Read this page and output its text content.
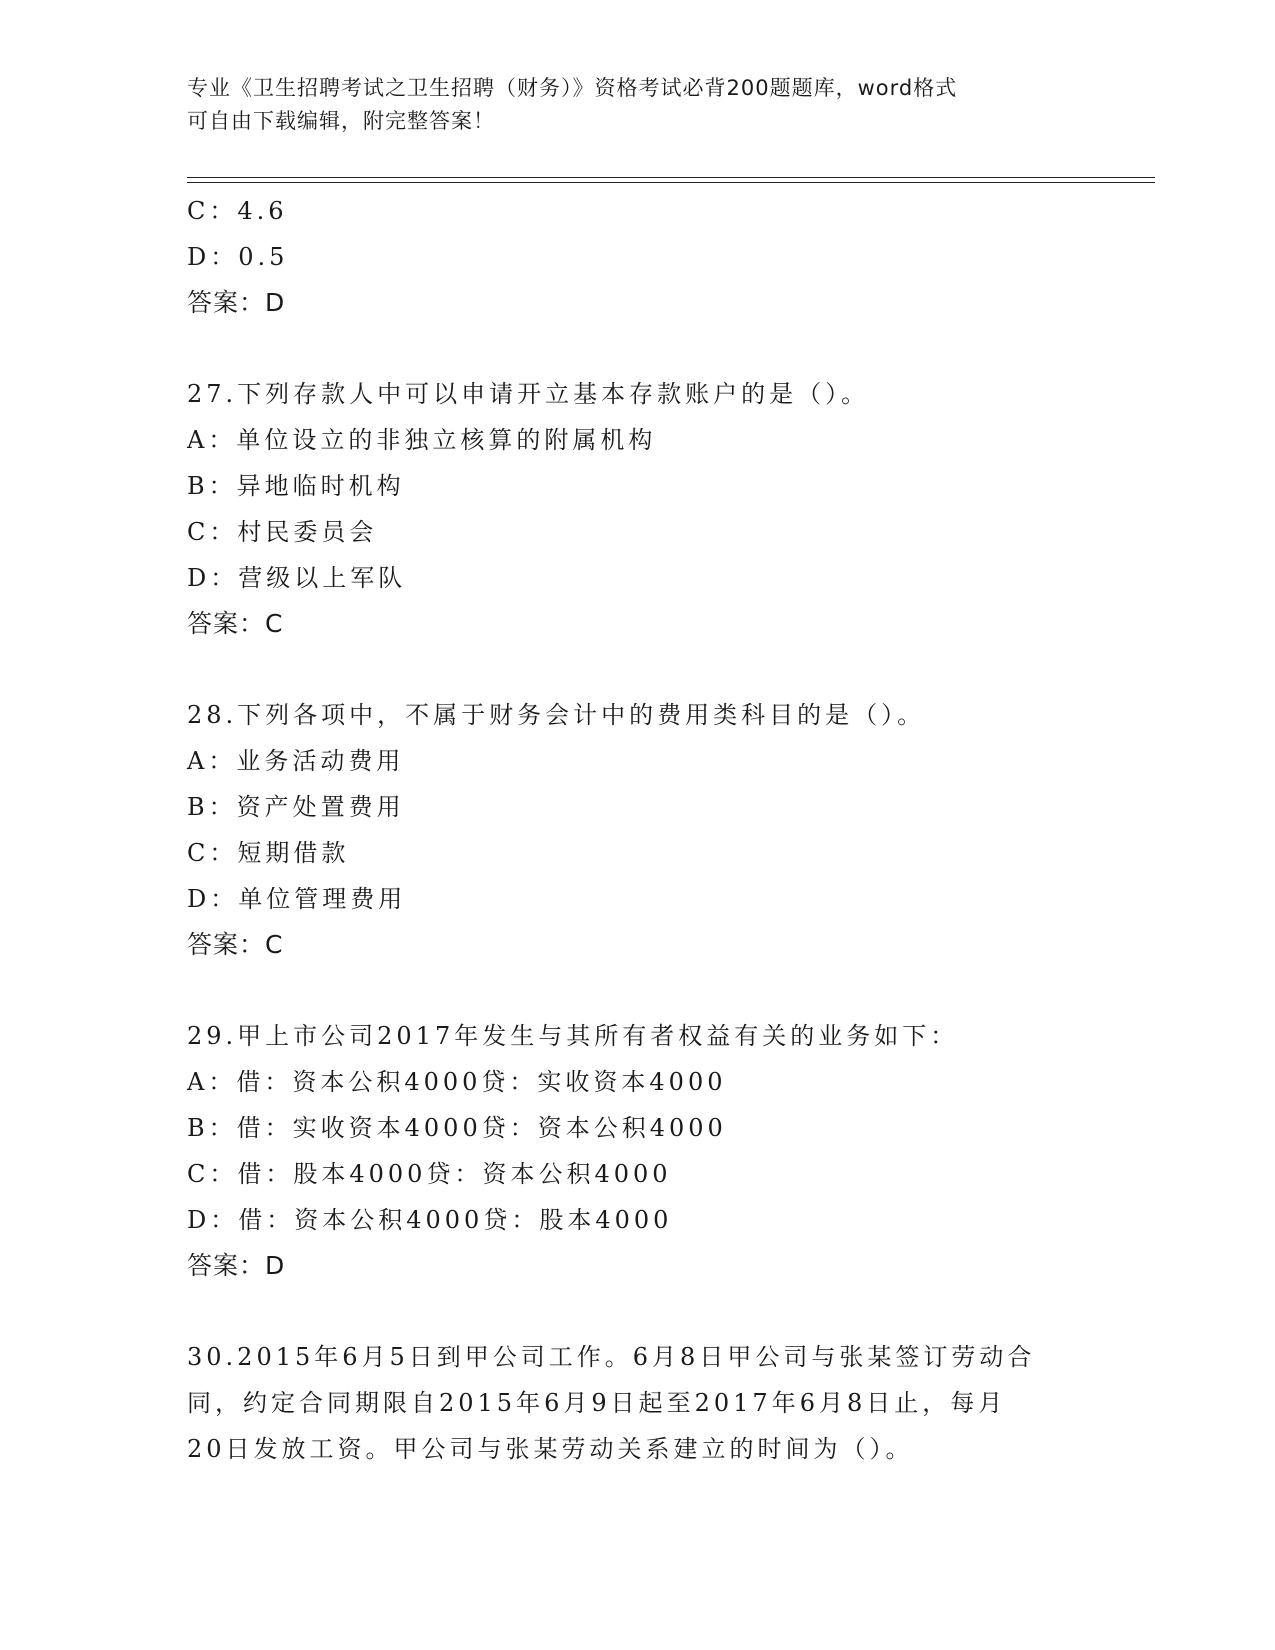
专业《卫生招聘考试之卫生招聘（财务）》资格考试必背200题题库，word格式
可自由下载编辑，附完整答案！
C：4.6
D：0.5
答案：D
27.下列存款人中可以申请开立基本存款账户的是（）。
A：单位设立的非独立核算的附属机构
B：异地临时机构
C：村民委员会
D：营级以上军队
答案：C
28.下列各项中，不属于财务会计中的费用类科目的是（）。
A：业务活动费用
B：资产处置费用
C：短期借款
D：单位管理费用
答案：C
29.甲上市公司2017年发生与其所有者权益有关的业务如下：
A：借：资本公积4000贷：实收资本4000
B：借：实收资本4000贷：资本公积4000
C：借：股本4000贷：资本公积4000
D：借：资本公积4000贷：股本4000
答案：D
30.2015年6月5日到甲公司工作。6月8日甲公司与张某签订劳动合
同，约定合同期限自2015年6月9日起至2017年6月8日止，每月
20日发放工资。甲公司与张某劳动关系建立的时间为（）。
